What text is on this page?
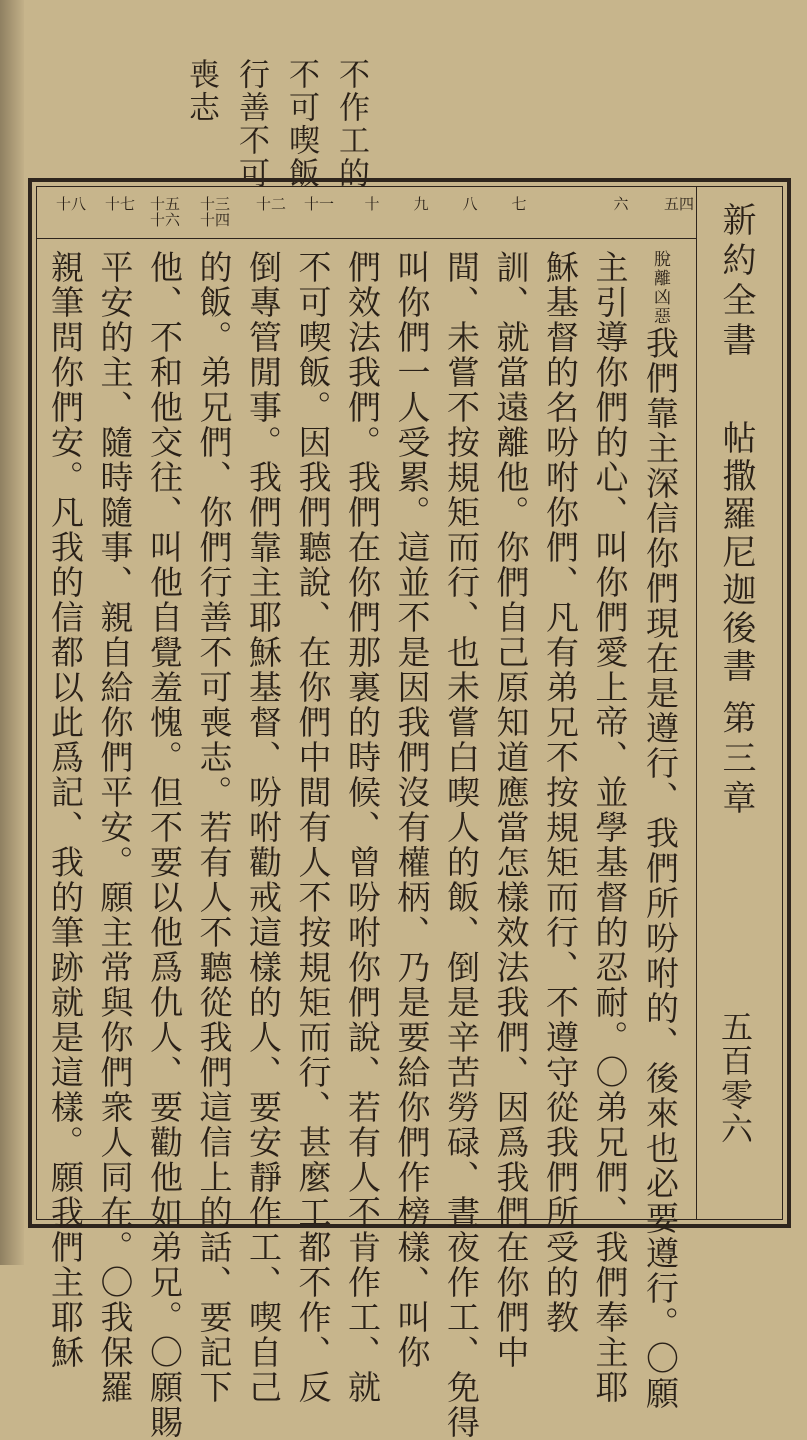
不作工的
不可喫飯
行善不可
喪志
五四
六
七
八
九
十
十一
十二
十三十四
十五十六
十七
十八
脫離凶惡我們靠主深信你們現在是遵行、我們所吩咐的、後來也必要遵行。〇願
主引導你們的心、叫你們愛上帝、並學基督的忍耐。〇弟兄們、我們奉主耶
穌基督的名吩咐你們、凡有弟兄不按規矩而行、不遵守從我們所受的教
訓、就當遠離他。你們自己原知道應當怎樣效法我們、因爲我們在你們中
間、未嘗不按規矩而行、也未嘗白喫人的飯、倒是辛苦勞碌、晝夜作工、免得
叫你們一人受累。這並不是因我們沒有權柄、乃是要給你們作榜樣、叫你
們效法我們。我們在你們那裏的時候、曾吩咐你們說、若有人不肯作工、就
不可喫飯。因我們聽說、在你們中間有人不按規矩而行、甚麼工都不作、反
倒專管閒事。我們靠主耶穌基督、吩咐勸戒這樣的人、要安靜作工、喫自己
的飯。弟兄們、你們行善不可喪志。若有人不聽從我們這信上的話、要記下
他、不和他交往、叫他自覺羞愧。但不要以他爲仇人、要勸他如弟兄。〇願賜
平安的主、隨時隨事、親自給你們平安。願主常與你們衆人同在。〇我保羅
親筆問你們安。凡我的信都以此爲記、我的筆跡就是這樣。願我們主耶穌	新約全書
帖撒羅尼迦後書
第三章
五百零六
